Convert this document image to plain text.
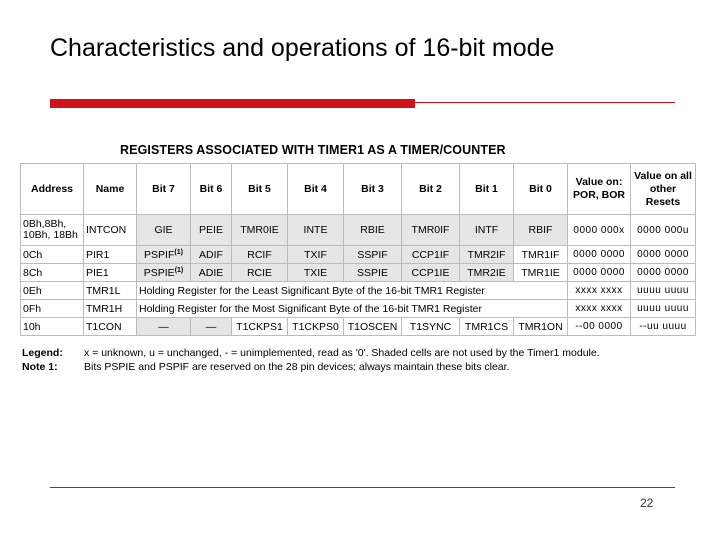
Characteristics and operations of 16-bit mode
REGISTERS ASSOCIATED WITH TIMER1 AS A TIMER/COUNTER
Address	Name	Bit 7	Bit 6	Bit 5	Bit 4	Bit 3	Bit 2	Bit 1	Bit 0	Value on: POR, BOR	Value on all other Resets
0Bh,8Bh, 10Bh, 18Bh	INTCON	GIE	PEIE	TMR0IE	INTE	RBIE	TMR0IF	INTF	RBIF	0000 000x	0000 000u
0Ch	PIR1	PSPIF$^{(1)}$	ADIF	RCIF	TXIF	SSPIF	CCP1IF	TMR2IF	TMR1IF	0000 0000	0000 0000
8Ch	PIE1	PSPIE$^{(1)}$	ADIE	RCIE	TXIE	SSPIE	CCP1IE	TMR2IE	TMR1IE	0000 0000	0000 0000
0Eh	TMR1L	Holding Register for the Least Significant Byte of the 16-bit TMR1 Register								xxxx xxxx	uuuu uuuu
0Fh	TMR1H	Holding Register for the Most Significant Byte of the 16-bit TMR1 Register								xxxx xxxx	uuuu uuuu
10h	T1CON	—	—	T1CKPS1	T1CKPS0	T1OSCEN	T1SYNC	TMR1CS	TMR1ON	--00 0000	--uu uuuu
Legend: x = unknown, u = unchanged, - = unimplemented, read as '0'. Shaded cells are not used by the Timer1 module.
Note 1:	Bits PSPIE and PSPIF are reserved on the 28 pin devices; always maintain these bits clear.
22
